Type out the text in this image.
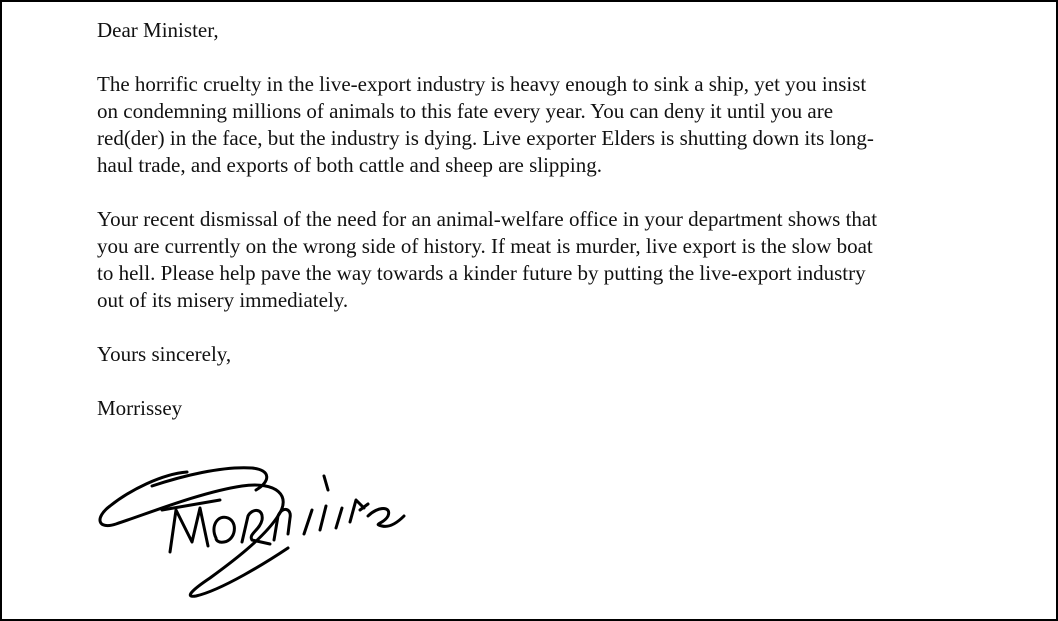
Dear Minister,

The horrific cruelty in the live-export industry is heavy enough to sink a ship, yet you insist
on condemning millions of animals to this fate every year. You can deny it until you are
red(der) in the face, but the industry is dying. Live exporter Elders is shutting down its long-
haul trade, and exports of both cattle and sheep are slipping.
Your recent dismissal of the need for an animal-welfare office in your department shows that
you are currently on the wrong side of history. If meat is murder, live export is the slow boat
to hell. Please help pave the way towards a kinder future by putting the live-export industry
out of its misery immediately.

Yours sincerely,

Morrissey
